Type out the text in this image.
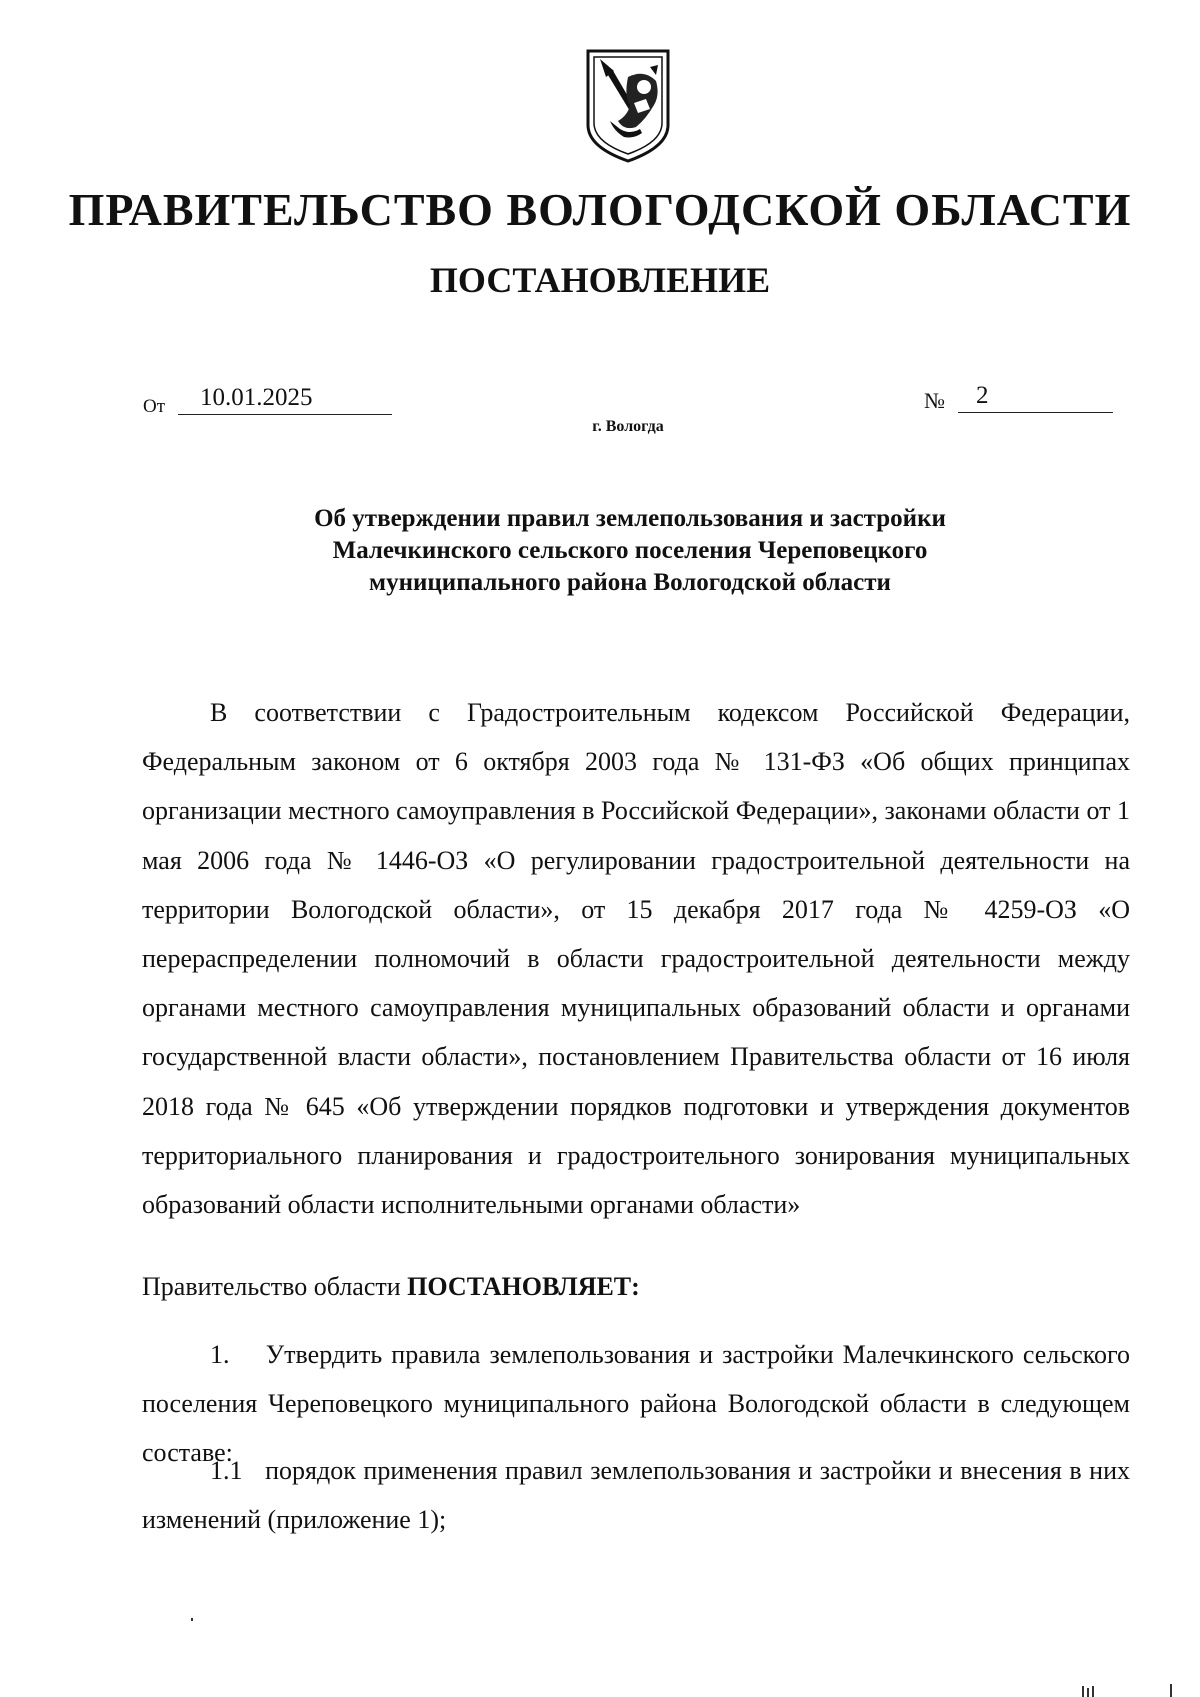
ПРАВИТЕЛЬСТВО ВОЛОГОДСКОЙ ОБЛАСТИ
ПОСТАНОВЛЕНИЕ
От	10.01.2025	№	2
г. Вологда
Об утверждении правил землепользования и застройки Малечкинского сельского поселения Череповецкого муниципального района Вологодской области
В соответствии с Градостроительным кодексом Российской Федерации, Федеральным законом от 6 октября 2003 года № 131-ФЗ «Об общих принципах организации местного самоуправления в Российской Федерации», законами области от 1 мая 2006 года № 1446-ОЗ «О регулировании градостроительной деятельности на территории Вологодской области», от 15 декабря 2017 года № 4259-ОЗ «О перераспределении полномочий в области градостроительной деятельности между органами местного самоуправления муниципальных образований области и органами государственной власти области», постановлением Правительства области от 16 июля 2018 года № 645 «Об утверждении порядков подготовки и утверждения документов территориального планирования и градостроительного зонирования муниципальных образований области исполнительными органами области»
Правительство области ПОСТАНОВЛЯЕТ:
1. Утвердить правила землепользования и застройки Малечкинского сельского поселения Череповецкого муниципального района Вологодской области в следующем составе:
1.1 порядок применения правил землепользования и застройки и внесения в них изменений (приложение 1);
